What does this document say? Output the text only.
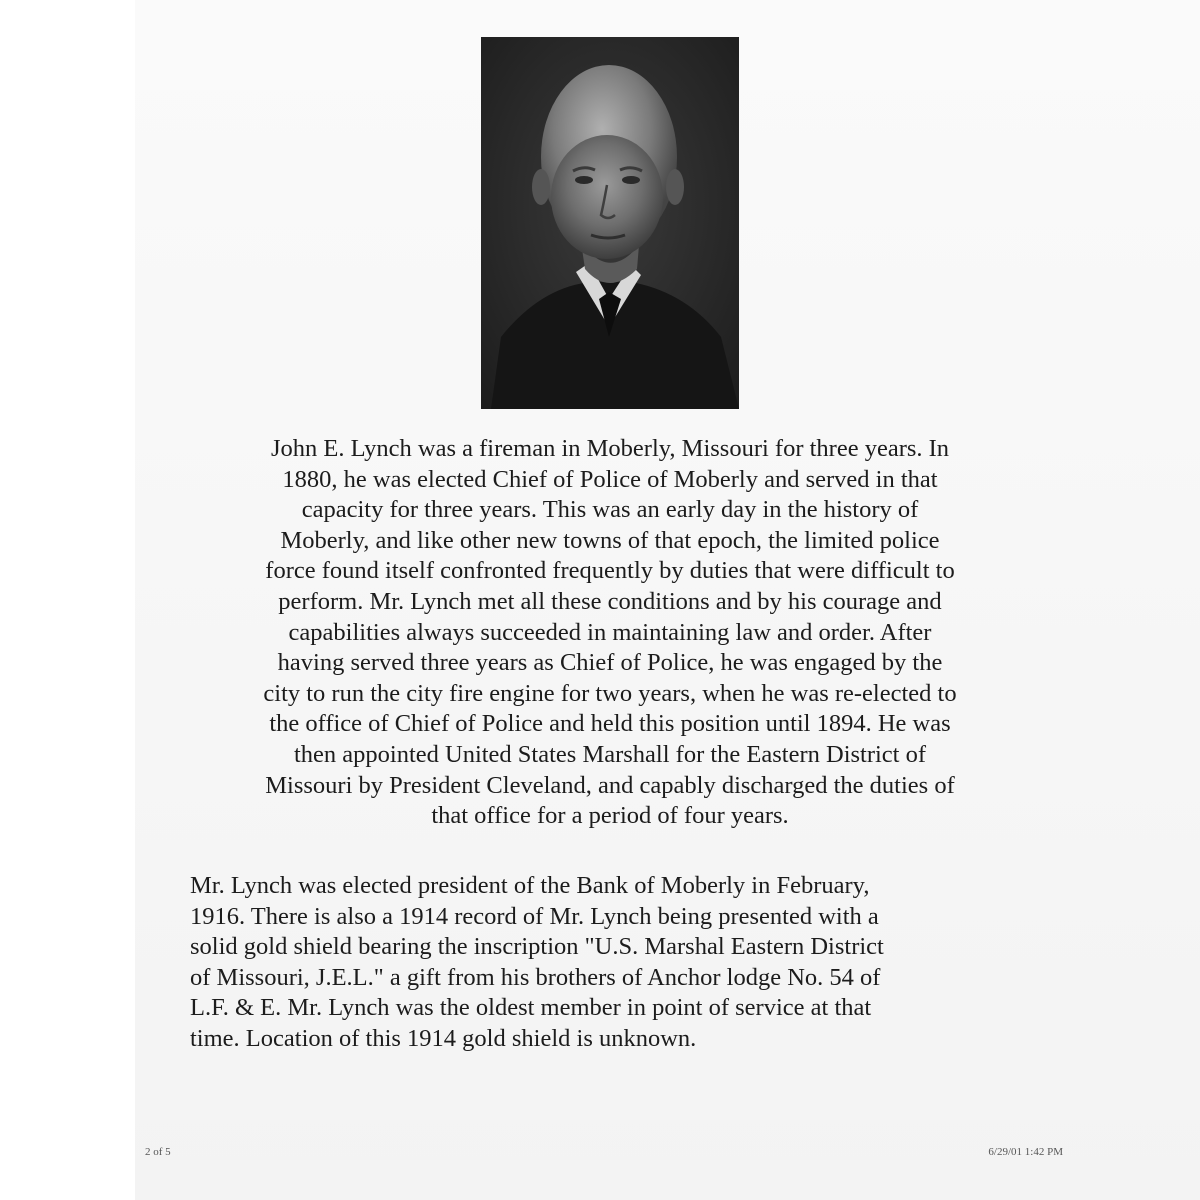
John E. Lynch was a fireman in Moberly, Missouri for three years. In
1880, he was elected Chief of Police of Moberly and served in that
capacity for three years. This was an early day in the history of
Moberly, and like other new towns of that epoch, the limited police
force found itself confronted frequently by duties that were difficult to
perform. Mr. Lynch met all these conditions and by his courage and
capabilities always succeeded in maintaining law and order. After
having served three years as Chief of Police, he was engaged by the
city to run the city fire engine for two years, when he was re-elected to
the office of Chief of Police and held this position until 1894. He was
then appointed United States Marshall for the Eastern District of
Missouri by President Cleveland, and capably discharged the duties of
that office for a period of four years.
Mr. Lynch was elected president of the Bank of Moberly in February,
1916. There is also a 1914 record of Mr. Lynch being presented with a
solid gold shield bearing the inscription "U.S. Marshal Eastern District
of Missouri, J.E.L." a gift from his brothers of Anchor lodge No. 54 of
L.F. & E. Mr. Lynch was the oldest member in point of service at that
time. Location of this 1914 gold shield is unknown.
2 of 5	6/29/01 1:42 PM
